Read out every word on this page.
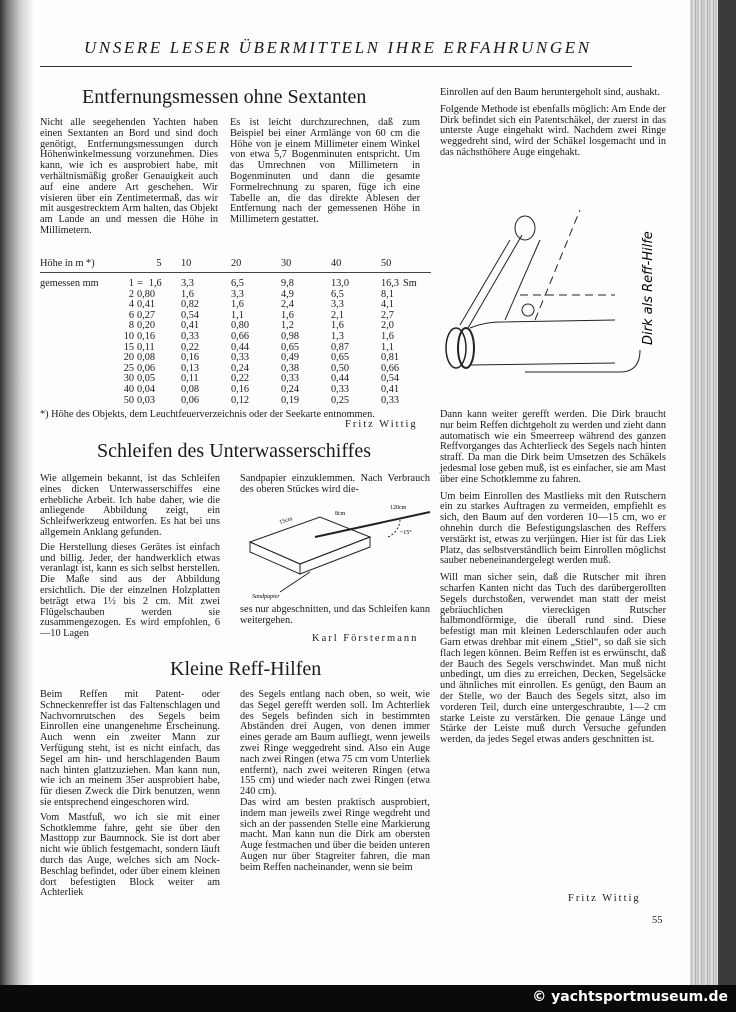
UNSERE LESER ÜBERMITTELN IHRE ERFAHRUNGEN
Entfernungsmessen ohne Sextanten

Nicht alle seegehenden Yachten haben einen Sextanten an Bord und sind doch genötigt, Entfernungsmessungen durch Höhenwinkelmessung vorzunehmen. Dies kann, wie ich es ausprobiert habe, mit verhältnismäßig großer Genauigkeit auch auf eine andere Art geschehen. Wir visieren über ein Zentimetermaß, das wir mit ausgestrecktem Arm halten, das Objekt am Lande an und messen die Höhe in Millimetern.

Es ist leicht durchzurechnen, daß zum Beispiel bei einer Armlänge von 60 cm die Höhe von je einem Millimeter einem Winkel von etwa 5,7 Bogenminuten entspricht. Um das Umrechnen von Millimetern in Bogenminuten und dann die gesamte Formelrechnung zu sparen, füge ich eine Tabelle an, die das direkte Ablesen der Entfernung nach der gemessenen Höhe in Millimetern gestattet.

Höhe in m *)		5	10	20	30	40	50

gemessen mm	1	= 1,6	3,3	6,5	9,8	13,0	16,3 Sm
	2	0,80	1,6	3,3	4,9	6,5	8,1
	4	0,41	0,82	1,6	2,4	3,3	4,1
	6	0,27	0,54	1,1	1,6	2,1	2,7
	8	0,20	0,41	0,80	1,2	1,6	2,0
	10	0,16	0,33	0,66	0,98	1,3	1,6
	15	0,11	0,22	0,44	0,65	0,87	1,1
	20	0,08	0,16	0,33	0,49	0,65	0,81
	25	0,06	0,13	0,24	0,38	0,50	0,66
	30	0,05	0,11	0,22	0,33	0,44	0,54
	40	0,04	0,08	0,16	0,24	0,33	0,41
	50	0,03	0,06	0,12	0,19	0,25	0,33
*) Höhe des Objekts, dem Leuchtfeuerverzeichnis oder der Seekarte entnommen.
Fritz Wittig
Schleifen des Unterwasserschiffes

Wie allgemein bekannt, ist das Schleifen eines dicken Unterwasserschiffes eine erhebliche Arbeit. Ich habe daher, wie die anliegende Abbildung zeigt, ein Schleifwerkzeug entworfen. Es hat bei uns allgemein Anklang gefunden.

Die Herstellung dieses Gerätes ist einfach und billig. Jeder, der handwerklich etwas veranlagt ist, kann es sich selbst herstellen. Die Maße sind aus der Abbildung ersichtlich. Die der einzelnen Holzplatten beträgt etwa 1½ bis 2 cm. Mit zwei Flügelschauben werden sie zusammengezogen. Es wird empfohlen, 6—10 Lagen

Sandpapier einzuklemmen. Nach Verbrauch des oberen Stückes wird die-
15cm
8cm
120cm
~15°
Sandpapier
ses nur abgeschnitten, und das Schleifen kann weitergehen.
Karl Förstermann
Kleine Reff-Hilfen

Beim Reffen mit Patent- oder Schneckenreffer ist das Faltenschlagen und Nachvornrutschen des Segels beim Einrollen eine unangenehme Erscheinung. Auch wenn ein zweiter Mann zur Verfügung steht, ist es nicht einfach, das Segel am hin- und herschlagenden Baum nach hinten glattzuziehen. Man kann nun, wie ich an meinem 35er ausprobiert habe, für diesen Zweck die Dirk benutzen, wenn sie entsprechend eingeschoren wird.

Vom Mastfuß, wo ich sie mit einer Schotklemme fahre, geht sie über den Masttopp zur Baumnock. Sie ist dort aber nicht wie üblich festgemacht, sondern läuft durch das Auge, welches sich am Nock-Beschlag befindet, oder über einem kleinen dort befestigten Block weiter am Achterliek

des Segels entlang nach oben, so weit, wie das Segel gerefft werden soll. Im Achterliek des Segels befinden sich in bestimmten Abständen drei Augen, von denen immer eines gerade am Baum aufliegt, wenn jeweils zwei Ringe weggedreht sind. Also ein Auge nach zwei Ringen (etwa 75 cm vom Unterliek entfernt), nach zwei weiteren Ringen (etwa 155 cm) und wieder nach zwei Ringen (etwa 240 cm).

Das wird am besten praktisch ausprobiert, indem man jeweils zwei Ringe wegdreht und sich an der passenden Stelle eine Markierung macht. Man kann nun die Dirk am obersten Auge festmachen und über die beiden unteren Augen nur über Stagreiter fahren, die man beim Reffen nacheinander, wenn sie beim

Einrollen auf den Baum heruntergeholt sind, aushakt.

Folgende Methode ist ebenfalls möglich: Am Ende der Dirk befindet sich ein Patentschäkel, der zuerst in das unterste Auge eingehakt wird. Nachdem zwei Ringe weggedreht sind, wird der Schäkel losgemacht und in das nächsthöhere Auge eingehakt.

Dirk als Reff-Hilfe

Dann kann weiter gerefft werden. Die Dirk braucht nur beim Reffen dichtgeholt zu werden und zieht dann automatisch wie ein Smeerreep während des ganzen Reffvorganges das Achterlieck des Segels nach hinten straff. Da man die Dirk beim Umsetzen des Schäkels jedesmal lose geben muß, ist es einfacher, sie am Mast über eine Schotklemme zu fahren.

Um beim Einrollen des Mastlieks mit den Rutschern ein zu starkes Auftragen zu vermeiden, empfiehlt es sich, den Baum auf den vorderen 10—15 cm, wo er ohnehin durch die Befestigungslaschen des Reffers verstärkt ist, etwas zu verjüngen. Hier ist für das Liek Platz, das selbstverständlich beim Einrollen möglichst sauber nebeneinandergelegt werden muß.

Will man sicher sein, daß die Rutscher mit ihren scharfen Kanten nicht das Tuch des darübergerollten Segels durchstoßen, verwendet man statt der meist gebräuchlichen viereckigen Rutscher halbmondförmige, die überall rund sind. Diese befestigt man mit kleinen Lederschlaufen oder auch Garn etwas drehbar mit einem „Stiel“, so daß sie sich flach legen können. Beim Reffen ist es erwünscht, daß der Bauch des Segels verschwindet. Man muß nicht unbedingt, um dies zu erreichen, Decken, Segelsäcke und ähnliches mit einrollen. Es genügt, den Baum an der Stelle, wo der Bauch des Segels sitzt, also im vorderen Teil, durch eine untergeschraubte, 1—2 cm starke Leiste zu verstärken. Die genaue Länge und Stärke der Leiste muß durch Versuche gefunden werden, da jedes Segel etwas anders geschnitten ist.

Fritz Wittig
55
© yachtsportmuseum.de
